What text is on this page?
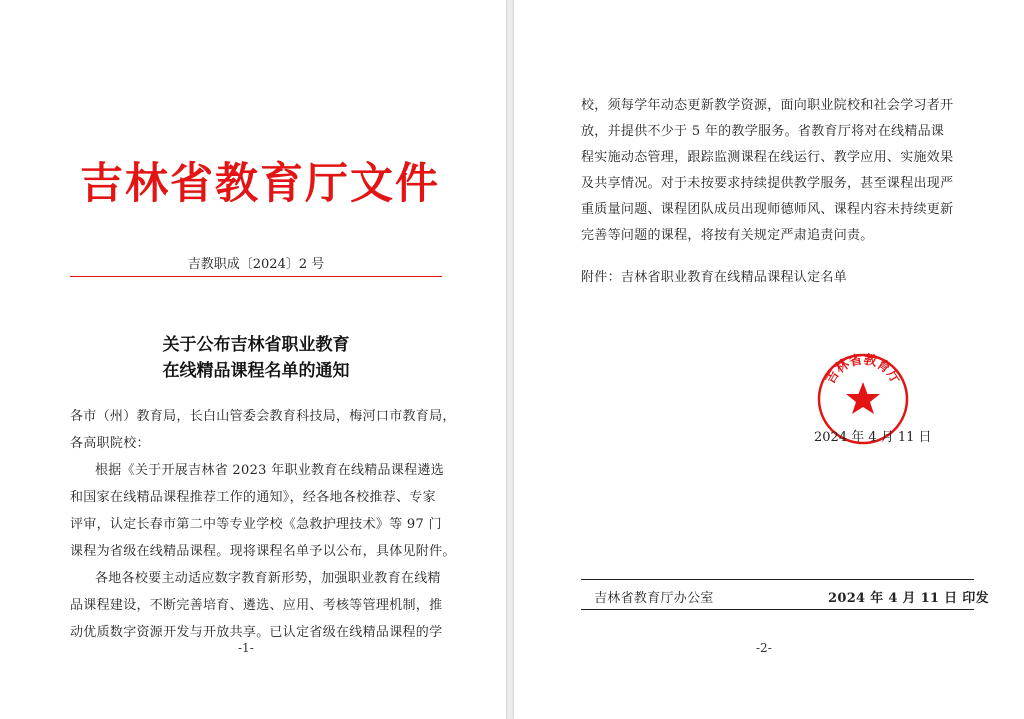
吉林省教育厅文件
吉教职成〔2024〕2 号
关于公布吉林省职业教育
在线精品课程名单的通知
各市（州）教育局，长白山管委会教育科技局，梅河口市教育局，
各高职院校：
根据《关于开展吉林省 2023 年职业教育在线精品课程遴选
和国家在线精品课程推荐工作的通知》，经各地各校推荐、专家
评审，认定长春市第二中等专业学校《急救护理技术》等 97 门
课程为省级在线精品课程。现将课程名单予以公布，具体见附件。
各地各校要主动适应数字教育新形势，加强职业教育在线精
品课程建设，不断完善培育、遴选、应用、考核等管理机制，推
动优质数字资源开发与开放共享。已认定省级在线精品课程的学
-1-
校，须每学年动态更新教学资源，面向职业院校和社会学习者开
放，并提供不少于 5 年的教学服务。省教育厅将对在线精品课
程实施动态管理，跟踪监测课程在线运行、教学应用、实施效果
及共享情况。对于未按要求持续提供教学服务，甚至课程出现严
重质量问题、课程团队成员出现师德师风、课程内容未持续更新
完善等问题的课程，将按有关规定严肃追责问责。
附件：吉林省职业教育在线精品课程认定名单
吉林省教育厅
2024 年 4 月 11 日
吉林省教育厅办公室	2024 年 4 月 11 日 印发
-2-
